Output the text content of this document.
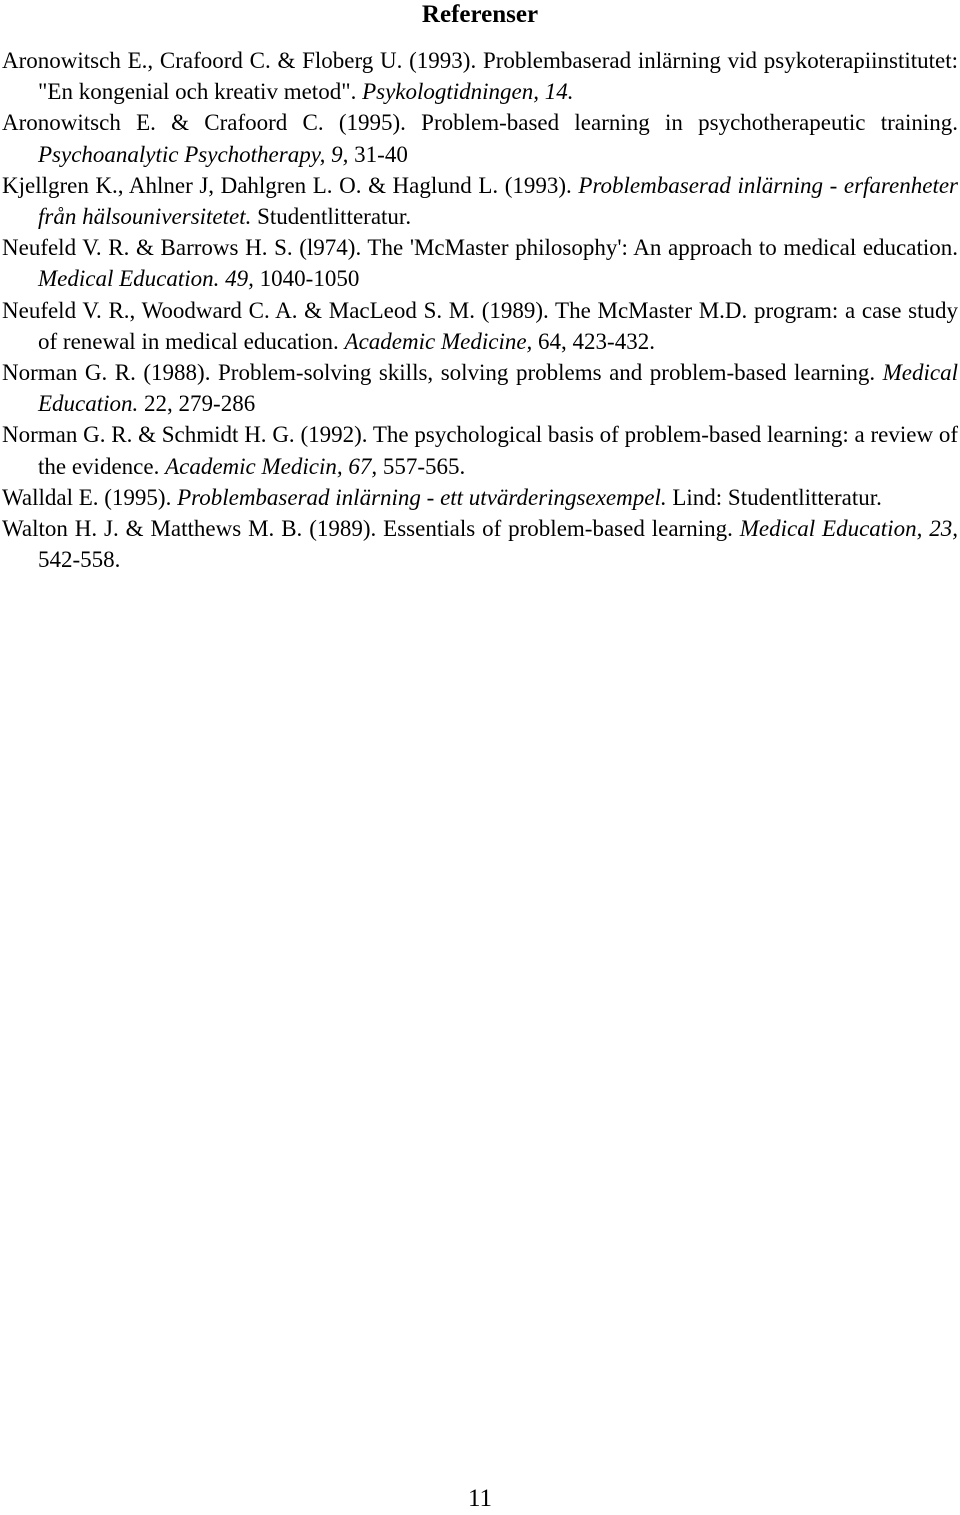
Referenser

Aronowitsch E., Crafoord C. & Floberg U. (1993). Problembaserad inlärning vid psykoterapiinstitutet: "En kongenial och kreativ metod". Psykologtidningen, 14.

Aronowitsch E. & Crafoord C. (1995). Problem-based learning in psychotherapeutic training. Psychoanalytic Psychotherapy, 9, 31-40

Kjellgren K., Ahlner J, Dahlgren L. O. & Haglund L. (1993). Problembaserad inlärning - erfarenheter från hälsouniversitetet. Studentlitteratur.

Neufeld V. R. & Barrows H. S. (l974). The 'McMaster philosophy': An approach to medical education. Medical Education. 49, 1040-1050

Neufeld V. R., Woodward C. A. & MacLeod S. M. (1989). The McMaster M.D. program: a case study of renewal in medical education. Academic Medicine, 64, 423-432.

Norman G. R. (1988). Problem-solving skills, solving problems and problem-based learning. Medical Education. 22, 279-286

Norman G. R. & Schmidt H. G. (1992). The psychological basis of problem-based learning: a review of the evidence. Academic Medicin, 67, 557-565.

Walldal E. (1995). Problembaserad inlärning - ett utvärderingsexempel. Lind: Studentlitteratur.

Walton H. J. & Matthews M. B. (1989). Essentials of problem-based learning. Medical Education, 23, 542-558.

11
